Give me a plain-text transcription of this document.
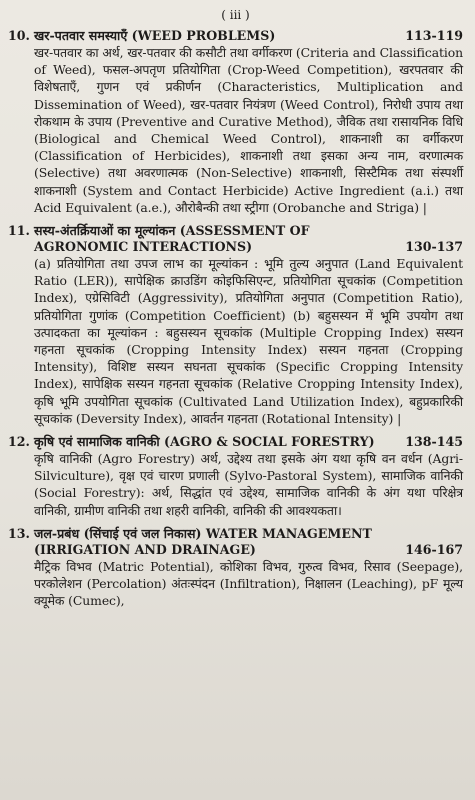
( iii )
10. खर-पतवार समस्याएँ (WEED PROBLEMS)	113-119
खर-पतवार का अर्थ, खर-पतवार की कसौटी तथा वर्गीकरण (Criteria and Classification of Weed), फसल-अपतृण प्रतियोगिता (Crop-Weed Competition), खरपतवार की विशेषताएँ, गुणन एवं प्रकीर्णन (Characteristics, Multiplication and Dissemination of Weed), खर-पतवार नियंत्रण (Weed Control), निरोधी उपाय तथा रोकथाम के उपाय (Preventive and Curative Method), जैविक तथा रासायनिक विधि (Biological and Chemical Weed Control), शाकनाशी का वर्गीकरण (Classification of Herbicides), शाकनाशी तथा इसका अन्य नाम, वरणात्मक (Selective) तथा अवरणात्मक (Non-Selective) शाकनाशी, सिस्टैमिक तथा संस्पर्शी शाकनाशी (System and Contact Herbicide) Active Ingredient (a.i.) तथा Acid Equivalent (a.e.), औरोबैन्की तथा स्ट्रीगा (Orobanche and Striga) |
11. सस्य-अंतर्क्रियाओं का मूल्यांकन (ASSESSMENT OF
AGRONOMIC INTERACTIONS)	130-137
(a) प्रतियोगिता तथा उपज लाभ का मूल्यांकन : भूमि तुल्य अनुपात (Land Equivalent Ratio (LER)), सापेक्षिक क्राउडिंग कोइफिसिएन्ट, प्रतियोगिता सूचकांक (Competition Index), एग्रेसिविटी (Aggressivity), प्रतियोगिता अनुपात (Competition Ratio), प्रतियोगिता गुणांक (Competition Coefficient) (b) बहुसस्यन में भूमि उपयोग तथा उत्पादकता का मूल्यांकन : बहुसस्यन सूचकांक (Multiple Cropping Index) सस्यन गहनता सूचकांक (Cropping Intensity Index) सस्यन गहनता (Cropping Intensity), विशिष्ट सस्यन सघनता सूचकांक (Specific Cropping Intensity Index), सापेक्षिक सस्यन गहनता सूचकांक (Relative Cropping Intensity Index), कृषि भूमि उपयोगिता सूचकांक (Cultivated Land Utilization Index), बहुप्रकारिकी सूचकांक (Deversity Index), आवर्तन गहनता (Rotational Intensity) |
12. कृषि एवं सामाजिक वानिकी (AGRO & SOCIAL FORESTRY)	138-145
कृषि वानिकी (Agro Forestry) अर्थ, उद्देश्य तथा इसके अंग यथा कृषि वन वर्धन (Agri-Silviculture), वृक्ष एवं चारण प्रणाली (Sylvo-Pastoral System), सामाजिक वानिकी (Social Forestry): अर्थ, सिद्धांत एवं उद्देश्य, सामाजिक वानिकी के अंग यथा परिक्षेत्र वानिकी, ग्रामीण वानिकी तथा शहरी वानिकी, वानिकी की आवश्यकता।
13. जल-प्रबंध (सिंचाई एवं जल निकास) WATER MANAGEMENT
(IRRIGATION AND DRAINAGE)	146-167
मैट्रिक विभव (Matric Potential), कोशिका विभव, गुरुत्व विभव, रिसाव (Seepage), परकोलेशन (Percolation) अंतःस्पंदन (Infiltration), निक्षालन (Leaching), pF मूल्य क्यूमेक (Cumec),
